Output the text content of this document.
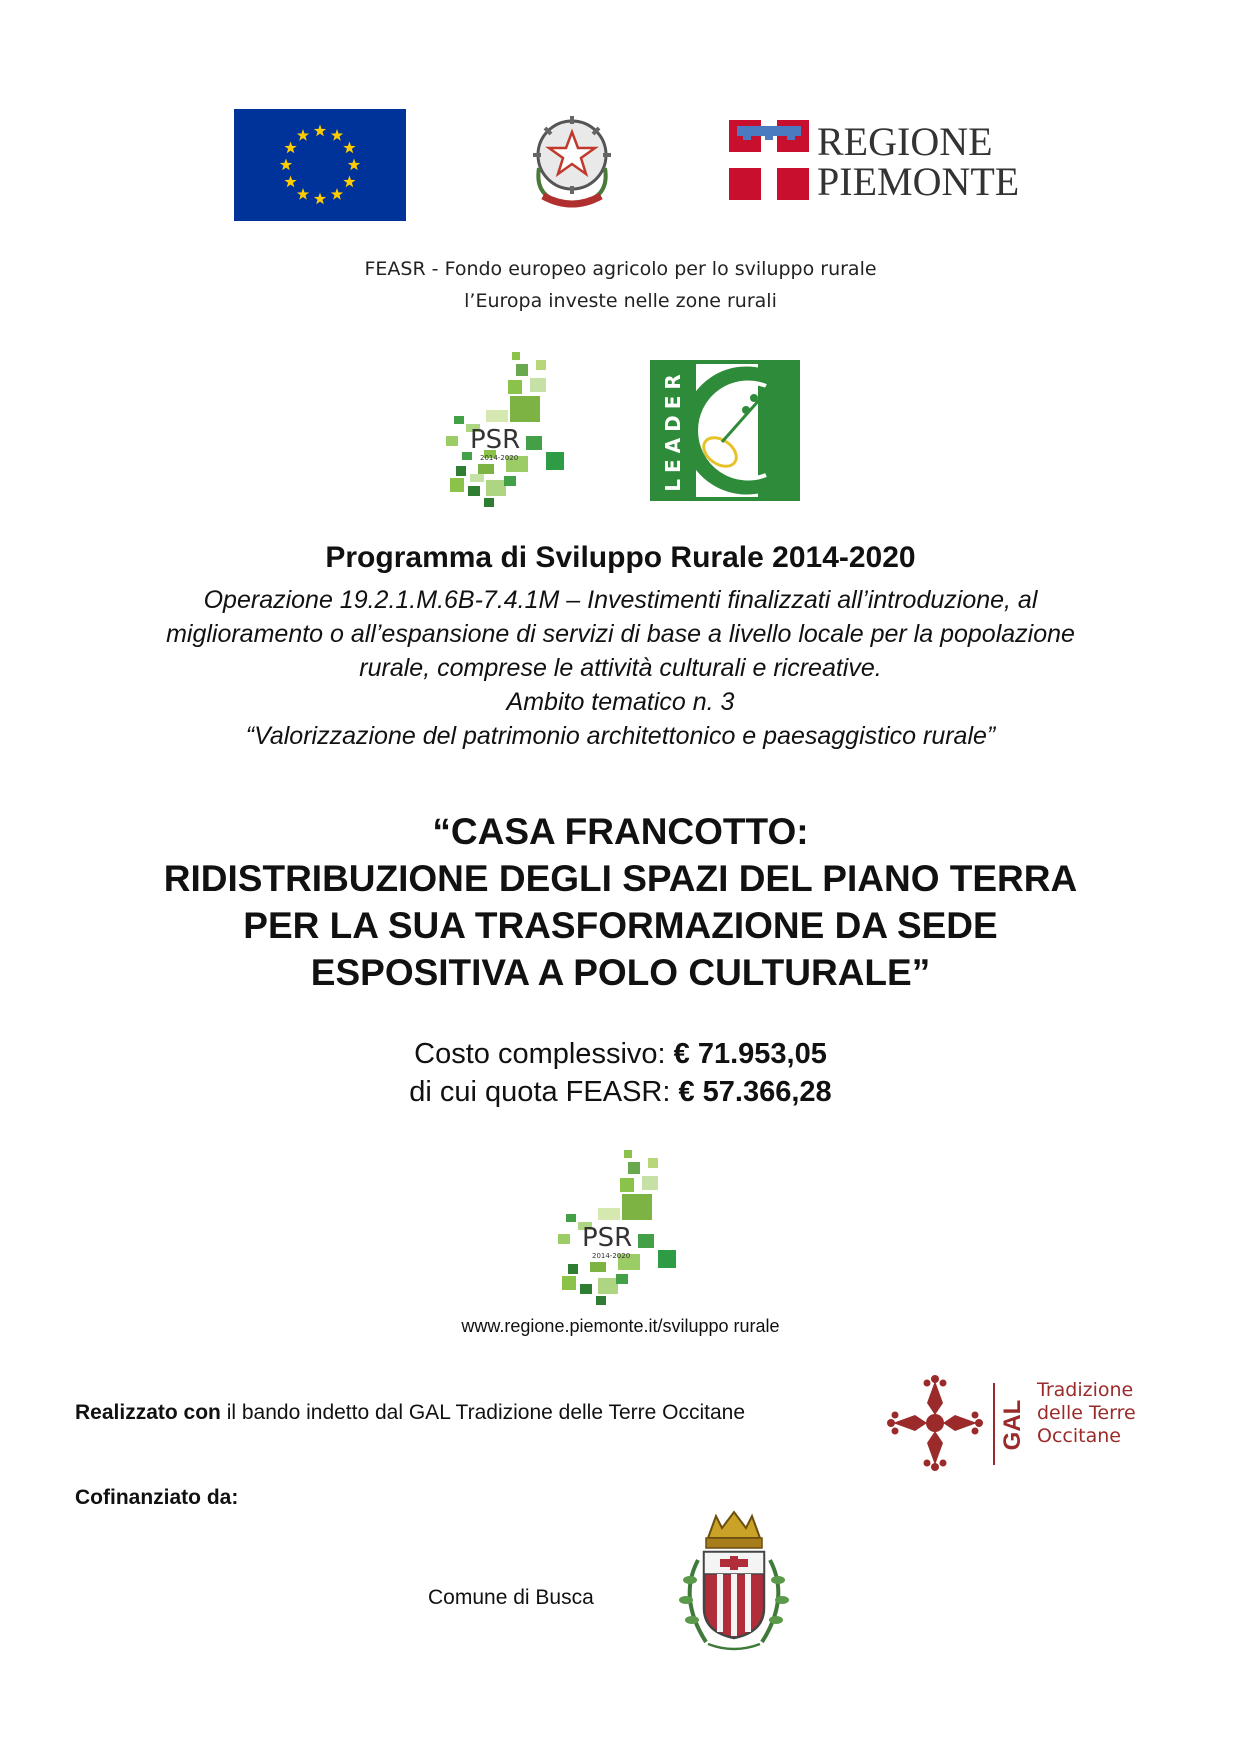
REGIONE
PIEMONTE
FEASR - Fondo europeo agricolo per lo sviluppo rurale
l’Europa investe nelle zone rurali
PSR
2014-2020	LEADER
Programma di Sviluppo Rurale 2014-2020
Operazione 19.2.1.M.6B-7.4.1M – Investimenti finalizzati all’introduzione, al
miglioramento o all’espansione di servizi di base a livello locale per la popolazione
rurale, comprese le attività culturali e ricreative.
Ambito tematico n. 3
“Valorizzazione del patrimonio architettonico e paesaggistico rurale”
“CASA FRANCOTTO:
RIDISTRIBUZIONE DEGLI SPAZI DEL PIANO TERRA
PER LA SUA TRASFORMAZIONE DA SEDE
ESPOSITIVA A POLO CULTURALE”
Costo complessivo: € 71.953,05
di cui quota FEASR: € 57.366,28
PSR
2014-2020
www.regione.piemonte.it/sviluppo rurale
Realizzato con il bando indetto dal GAL Tradizione delle Terre Occitane	GAL
Tradizione
delle Terre
Occitane
Cofinanziato da:
Comune di Busca
